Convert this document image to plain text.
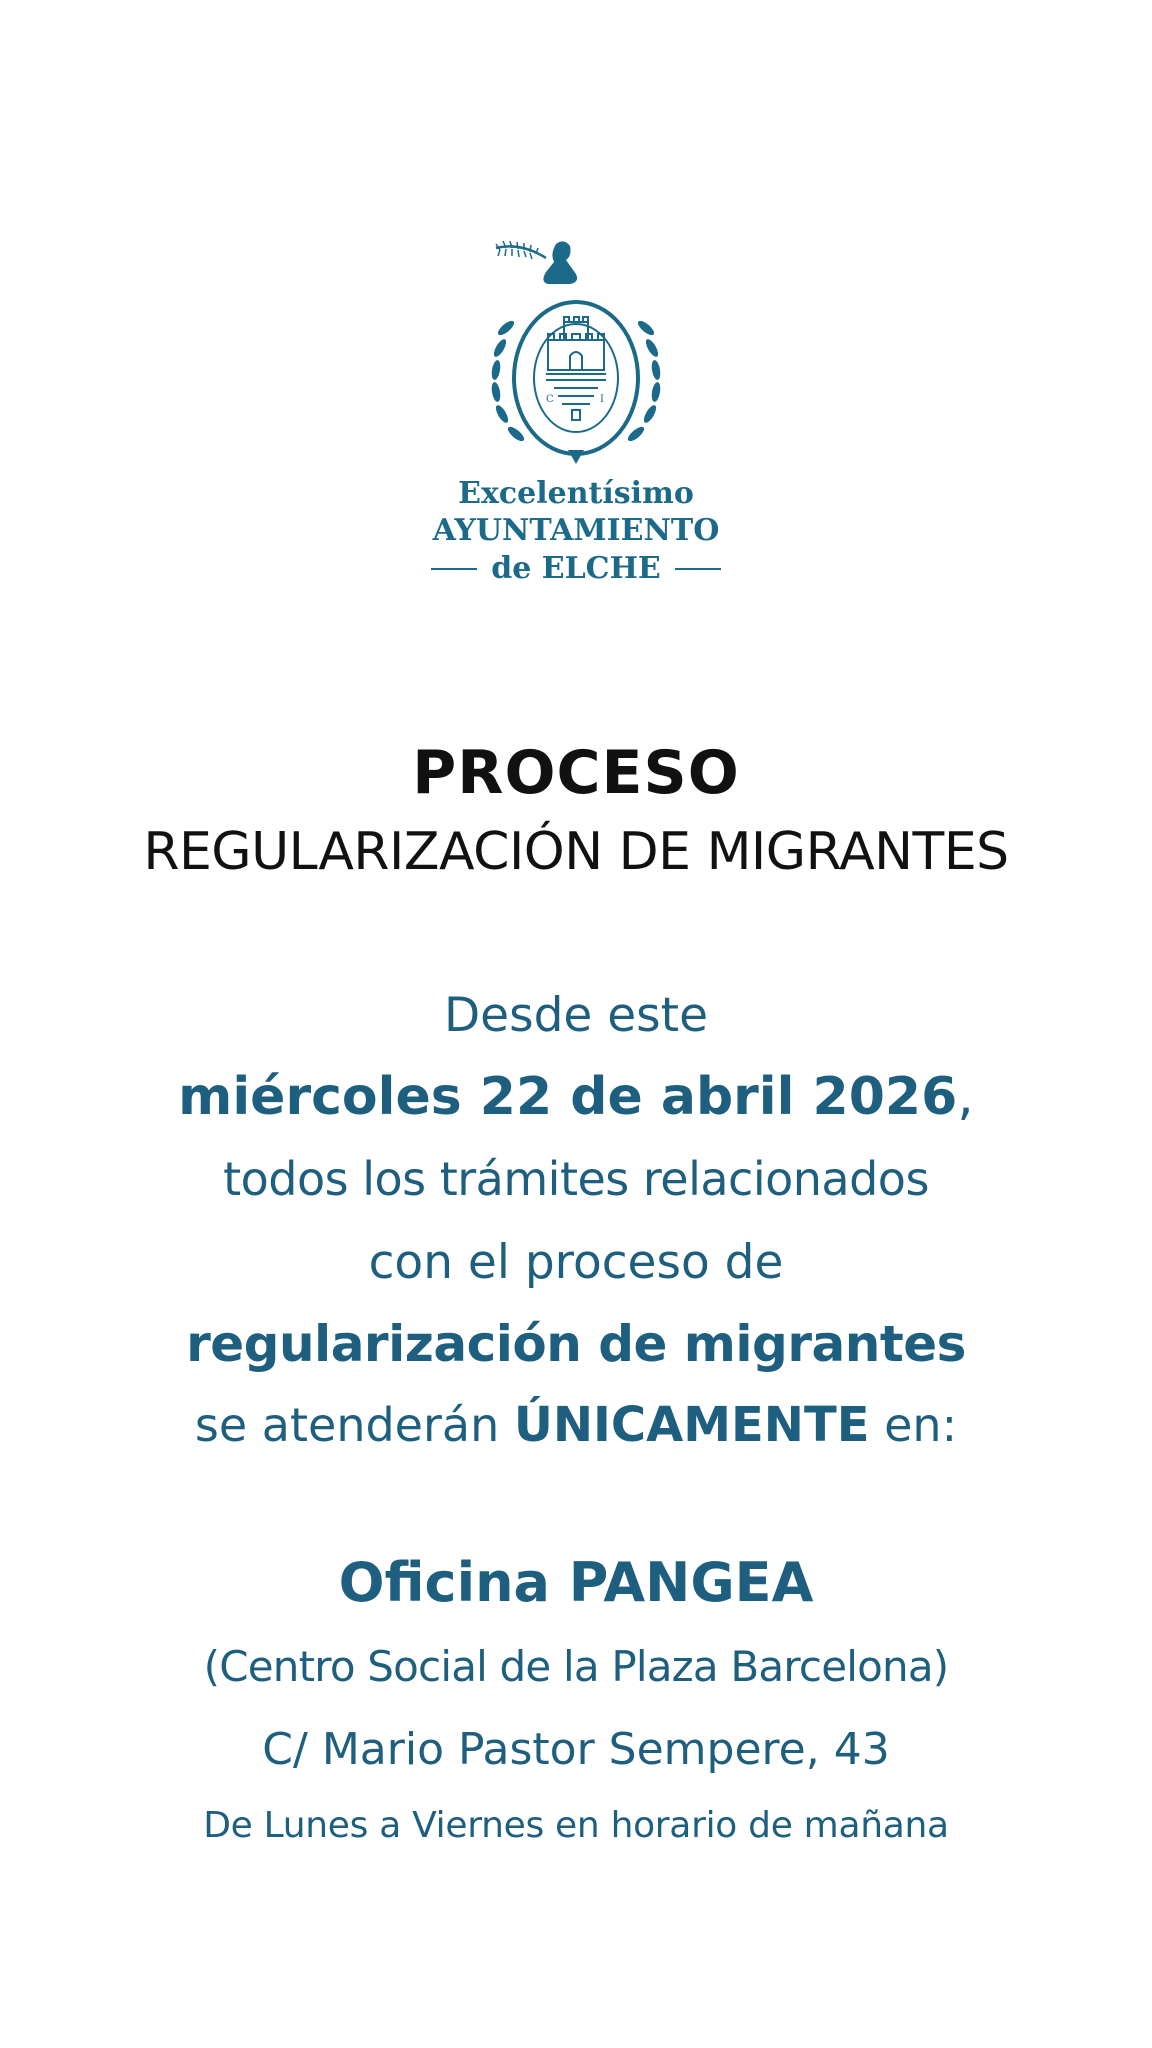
C	I
Excelentísimo
AYUNTAMIENTO
de ELCHE
PROCESO
REGULARIZACIÓN DE MIGRANTES
Desde este
miércoles 22 de abril 2026,
todos los trámites relacionados
con el proceso de
regularización de migrantes
se atenderán ÚNICAMENTE en:
Oficina PANGEA
(Centro Social de la Plaza Barcelona)
C/ Mario Pastor Sempere, 43
De Lunes a Viernes en horario de mañana
